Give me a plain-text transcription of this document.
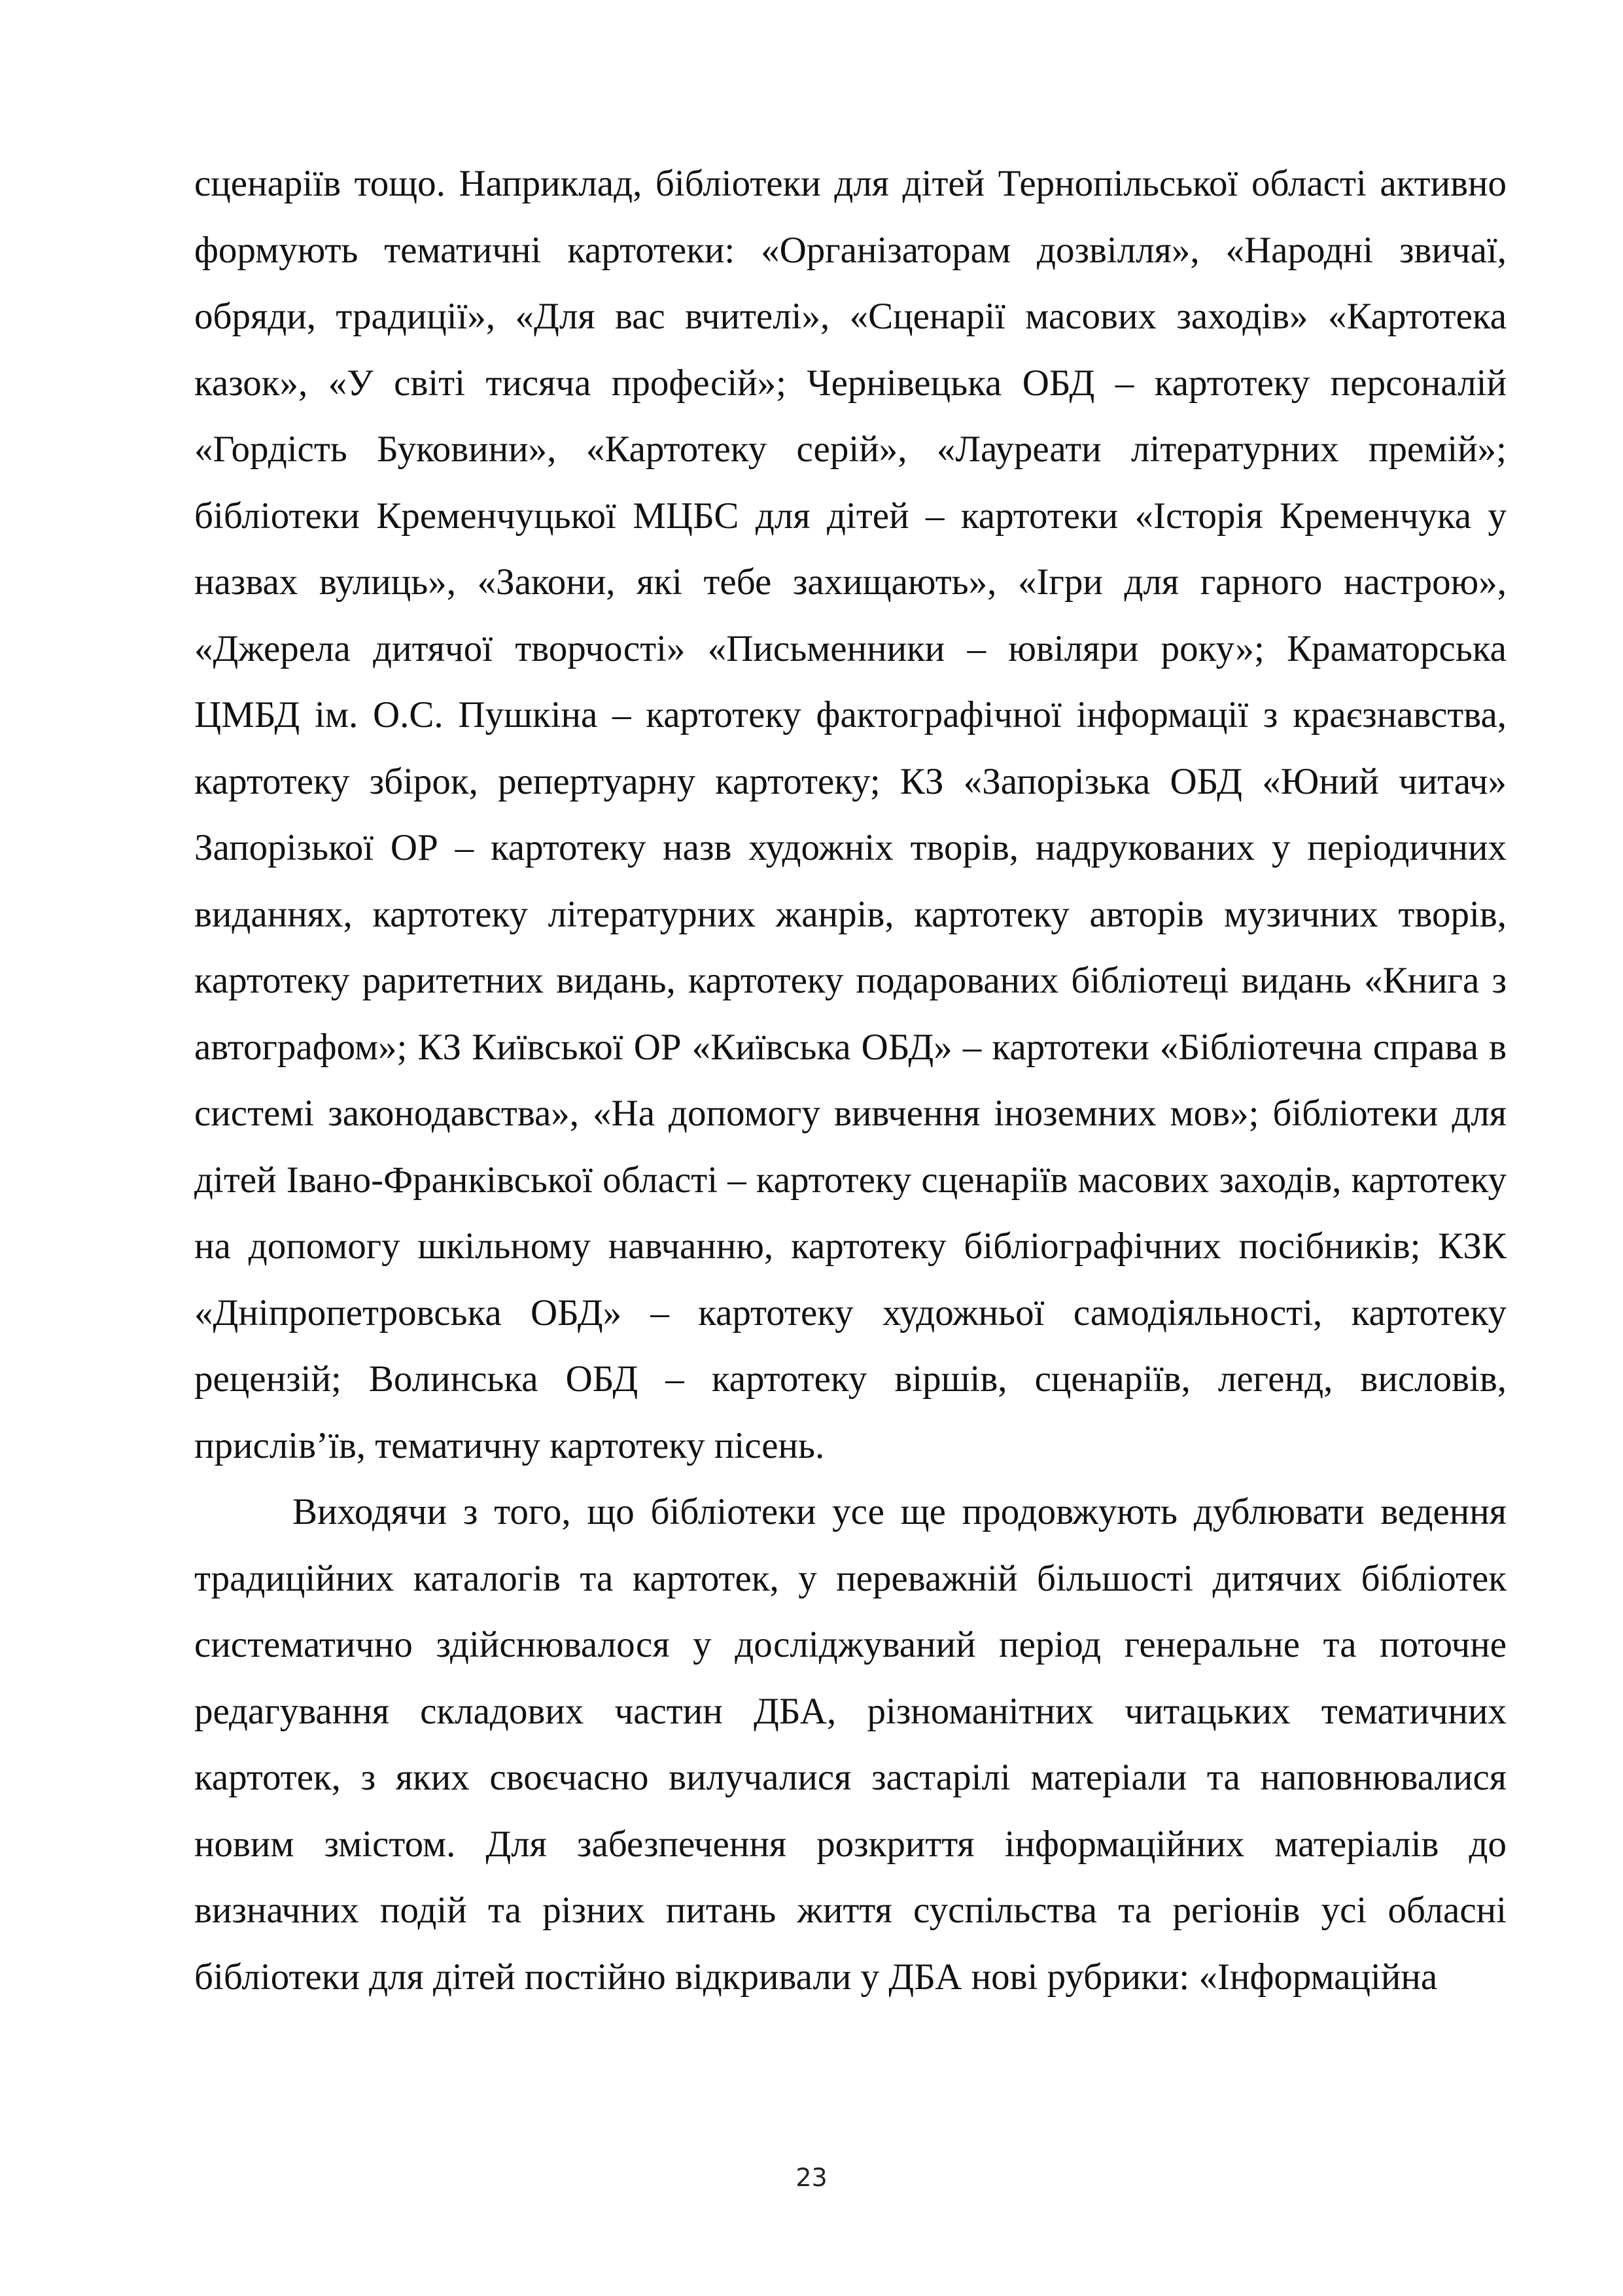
сценаріїв тощо. Наприклад, бібліотеки для дітей Тернопільської області активно формують тематичні картотеки: «Організаторам дозвілля», «Народні звичаї, обряди, традиції», «Для вас вчителі», «Сценарії масових заходів» «Картотека казок», «У світі тисяча професій»; Чернівецька ОБД – картотеку персоналій «Гордість Буковини», «Картотеку серій», «Лауреати літературних премій»; бібліотеки Кременчуцької МЦБС для дітей – картотеки «Історія Кременчука у назвах вулиць», «Закони, які тебе захищають», «Ігри для гарного настрою», «Джерела дитячої творчості» «Письменники – ювіляри року»; Краматорська ЦМБД ім. О.С. Пушкіна – картотеку фактографічної інформації з краєзнавства, картотеку збірок, репертуарну картотеку; КЗ «Запорізька ОБД «Юний читач» Запорізької ОР – картотеку назв художніх творів, надрукованих у періодичних виданнях, картотеку літературних жанрів, картотеку авторів музичних творів, картотеку раритетних видань, картотеку подарованих бібліотеці видань «Книга з автографом»; КЗ Київської ОР «Київська ОБД» – картотеки «Бібліотечна справа в системі законодавства», «На допомогу вивчення іноземних мов»; бібліотеки для дітей Івано-Франківської області – картотеку сценаріїв масових заходів, картотеку на допомогу шкільному навчанню, картотеку бібліографічних посібників; КЗК «Дніпропетровська ОБД» – картотеку художньої самодіяльності, картотеку рецензій; Волинська ОБД – картотеку віршів, сценаріїв, легенд, висловів, прислів’їв, тематичну картотеку пісень.

Виходячи з того, що бібліотеки усе ще продовжують дублювати ведення традиційних каталогів та картотек, у переважній більшості дитячих бібліотек систематично здійснювалося у досліджуваний період генеральне та поточне редагування складових частин ДБА, різноманітних читацьких тематичних картотек, з яких своєчасно вилучалися застарілі матеріали та наповнювалися новим змістом. Для забезпечення розкриття інформаційних матеріалів до визначних подій та різних питань життя суспільства та регіонів усі обласні бібліотеки для дітей постійно відкривали у ДБА нові рубрики: «Інформаційна

23
